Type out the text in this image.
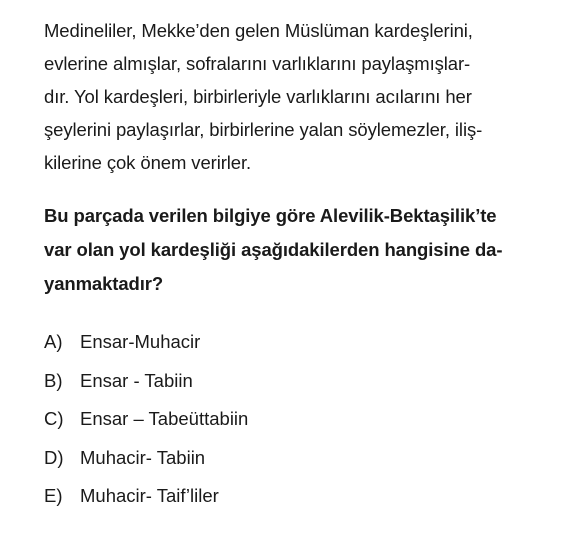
Medineliler, Mekke’den gelen Müslüman kardeşlerini,

evlerine almışlar, sofralarını varlıklarını paylaşmışlar-

dır. Yol kardeşleri, birbirleriyle varlıklarını acılarını her

şeylerini paylaşırlar, birbirlerine yalan söylemezler, iliş-

kilerine çok önem verirler.

Bu parçada verilen bilgiye göre Alevilik-Bektaşilik’te

var olan yol kardeşliği aşağıdakilerden hangisine da-

yanmaktadır?

A) Ensar-Muhacir
B) Ensar - Tabiin
C) Ensar – Tabeüttabiin
D) Muhacir- Tabiin
E) Muhacir- Taif’liler
